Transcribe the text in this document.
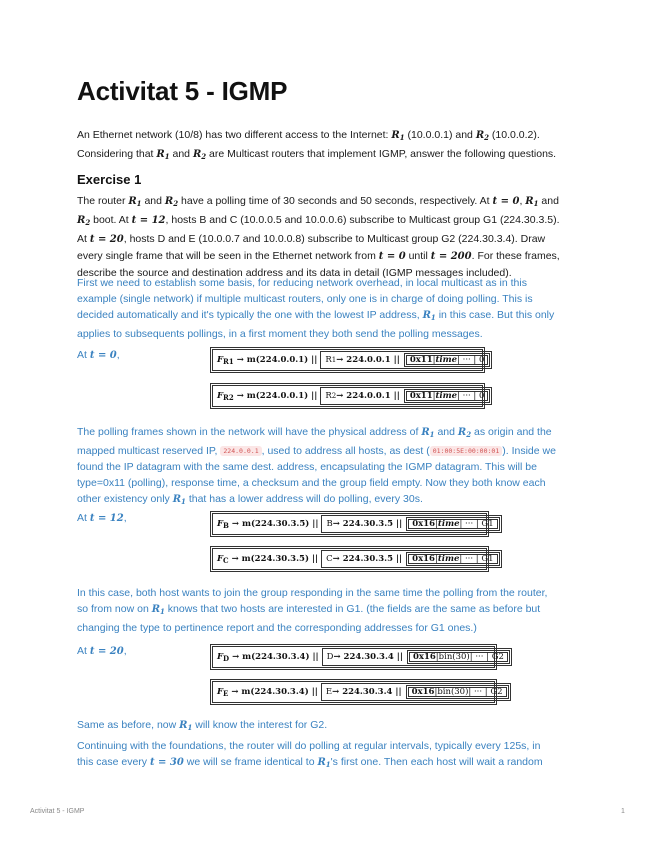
Activitat 5 - IGMP

An Ethernet network (10/8) has two different access to the Internet: $R_1$ (10.0.0.1) and $R_2$ (10.0.0.2).
Considering that $R_1$ and $R_2$ are Multicast routers that implement IGMP, answer the following questions.

Exercise 1

The router $R_1$ and $R_2$ have a polling time of 30 seconds and 50 seconds, respectively. At t = 0, $R_1$ and
$R_2$ boot. At t = 12, hosts B and C (10.0.0.5 and 10.0.0.6) subscribe to Multicast group G1 (224.30.3.5).
At t = 20, hosts D and E (10.0.0.7 and 10.0.0.8) subscribe to Multicast group G2 (224.30.3.4). Draw
every single frame that will be seen in the Ethernet network from t = 0 until t = 200. For these frames,
describe the source and destination address and its data in detail (IGMP messages included).

First we need to establish some basis, for reducing network overhead, in local multicast as in this
example (single network) if multiple multicast routers, only one is in charge of doing polling. This is
decided automatically and it's typically the one with the lowest IP address, $R_1$ in this case. But this only
applies to subsequents pollings, in a first moment they both send the polling messages.

At t = 0,	$F_{R1} \to m(224.0.0.1)$ || R 1 → 224.0.0.1 || 0x11 | time | ··· | 0
$F_{R2} \to m(224.0.0.1)$ || R 2 → 224.0.0.1 || 0x11 | time | ··· | 0

The polling frames shown in the network will have the physical address of $R_1$ and $R_2$ as origin and the
mapped multicast reserved IP, 224.0.0.1 , used to address all hosts, as dest ( 01:00:5E:00:00:01 ). Inside we
found the IP datagram with the same dest. address, encapsulating the IGMP datagram. This will be
type=0x11 (polling), response time, a checksum and the group field empty. Now they both know each
other existency only $R_1$ that has a lower address will do polling, every 30s.

At t = 12,	$F_B \to m(224.30.3.5)$ || B → 224.30.3.5 || 0x16 | time | ··· | G1
$F_C \to m(224.30.3.5)$ || C → 224.30.3.5 || 0x16 | time | ··· | G1

In this case, both host wants to join the group responding in the same time the polling from the router,
so from now on $R_1$ knows that two hosts are interested in G1. (the fields are the same as before but
changing the type to pertinence report and the corresponding addresses for G1 ones.)

At t = 20,	$F_D \to m(224.30.3.4)$ || D → 224.30.3.4 || 0x16 | bin(30) | ··· | G2
$F_E \to m(224.30.3.4)$ || E → 224.30.3.4 || 0x16 | bin(30) | ··· | G2

Same as before, now $R_1$ will know the interest for G2.

Continuing with the foundations, the router will do polling at regular intervals, typically every 125s, in
this case every t = 30 we will se frame identical to $R_1's$ first one. Then each host will wait a random

Activitat 5 - IGMP	1
